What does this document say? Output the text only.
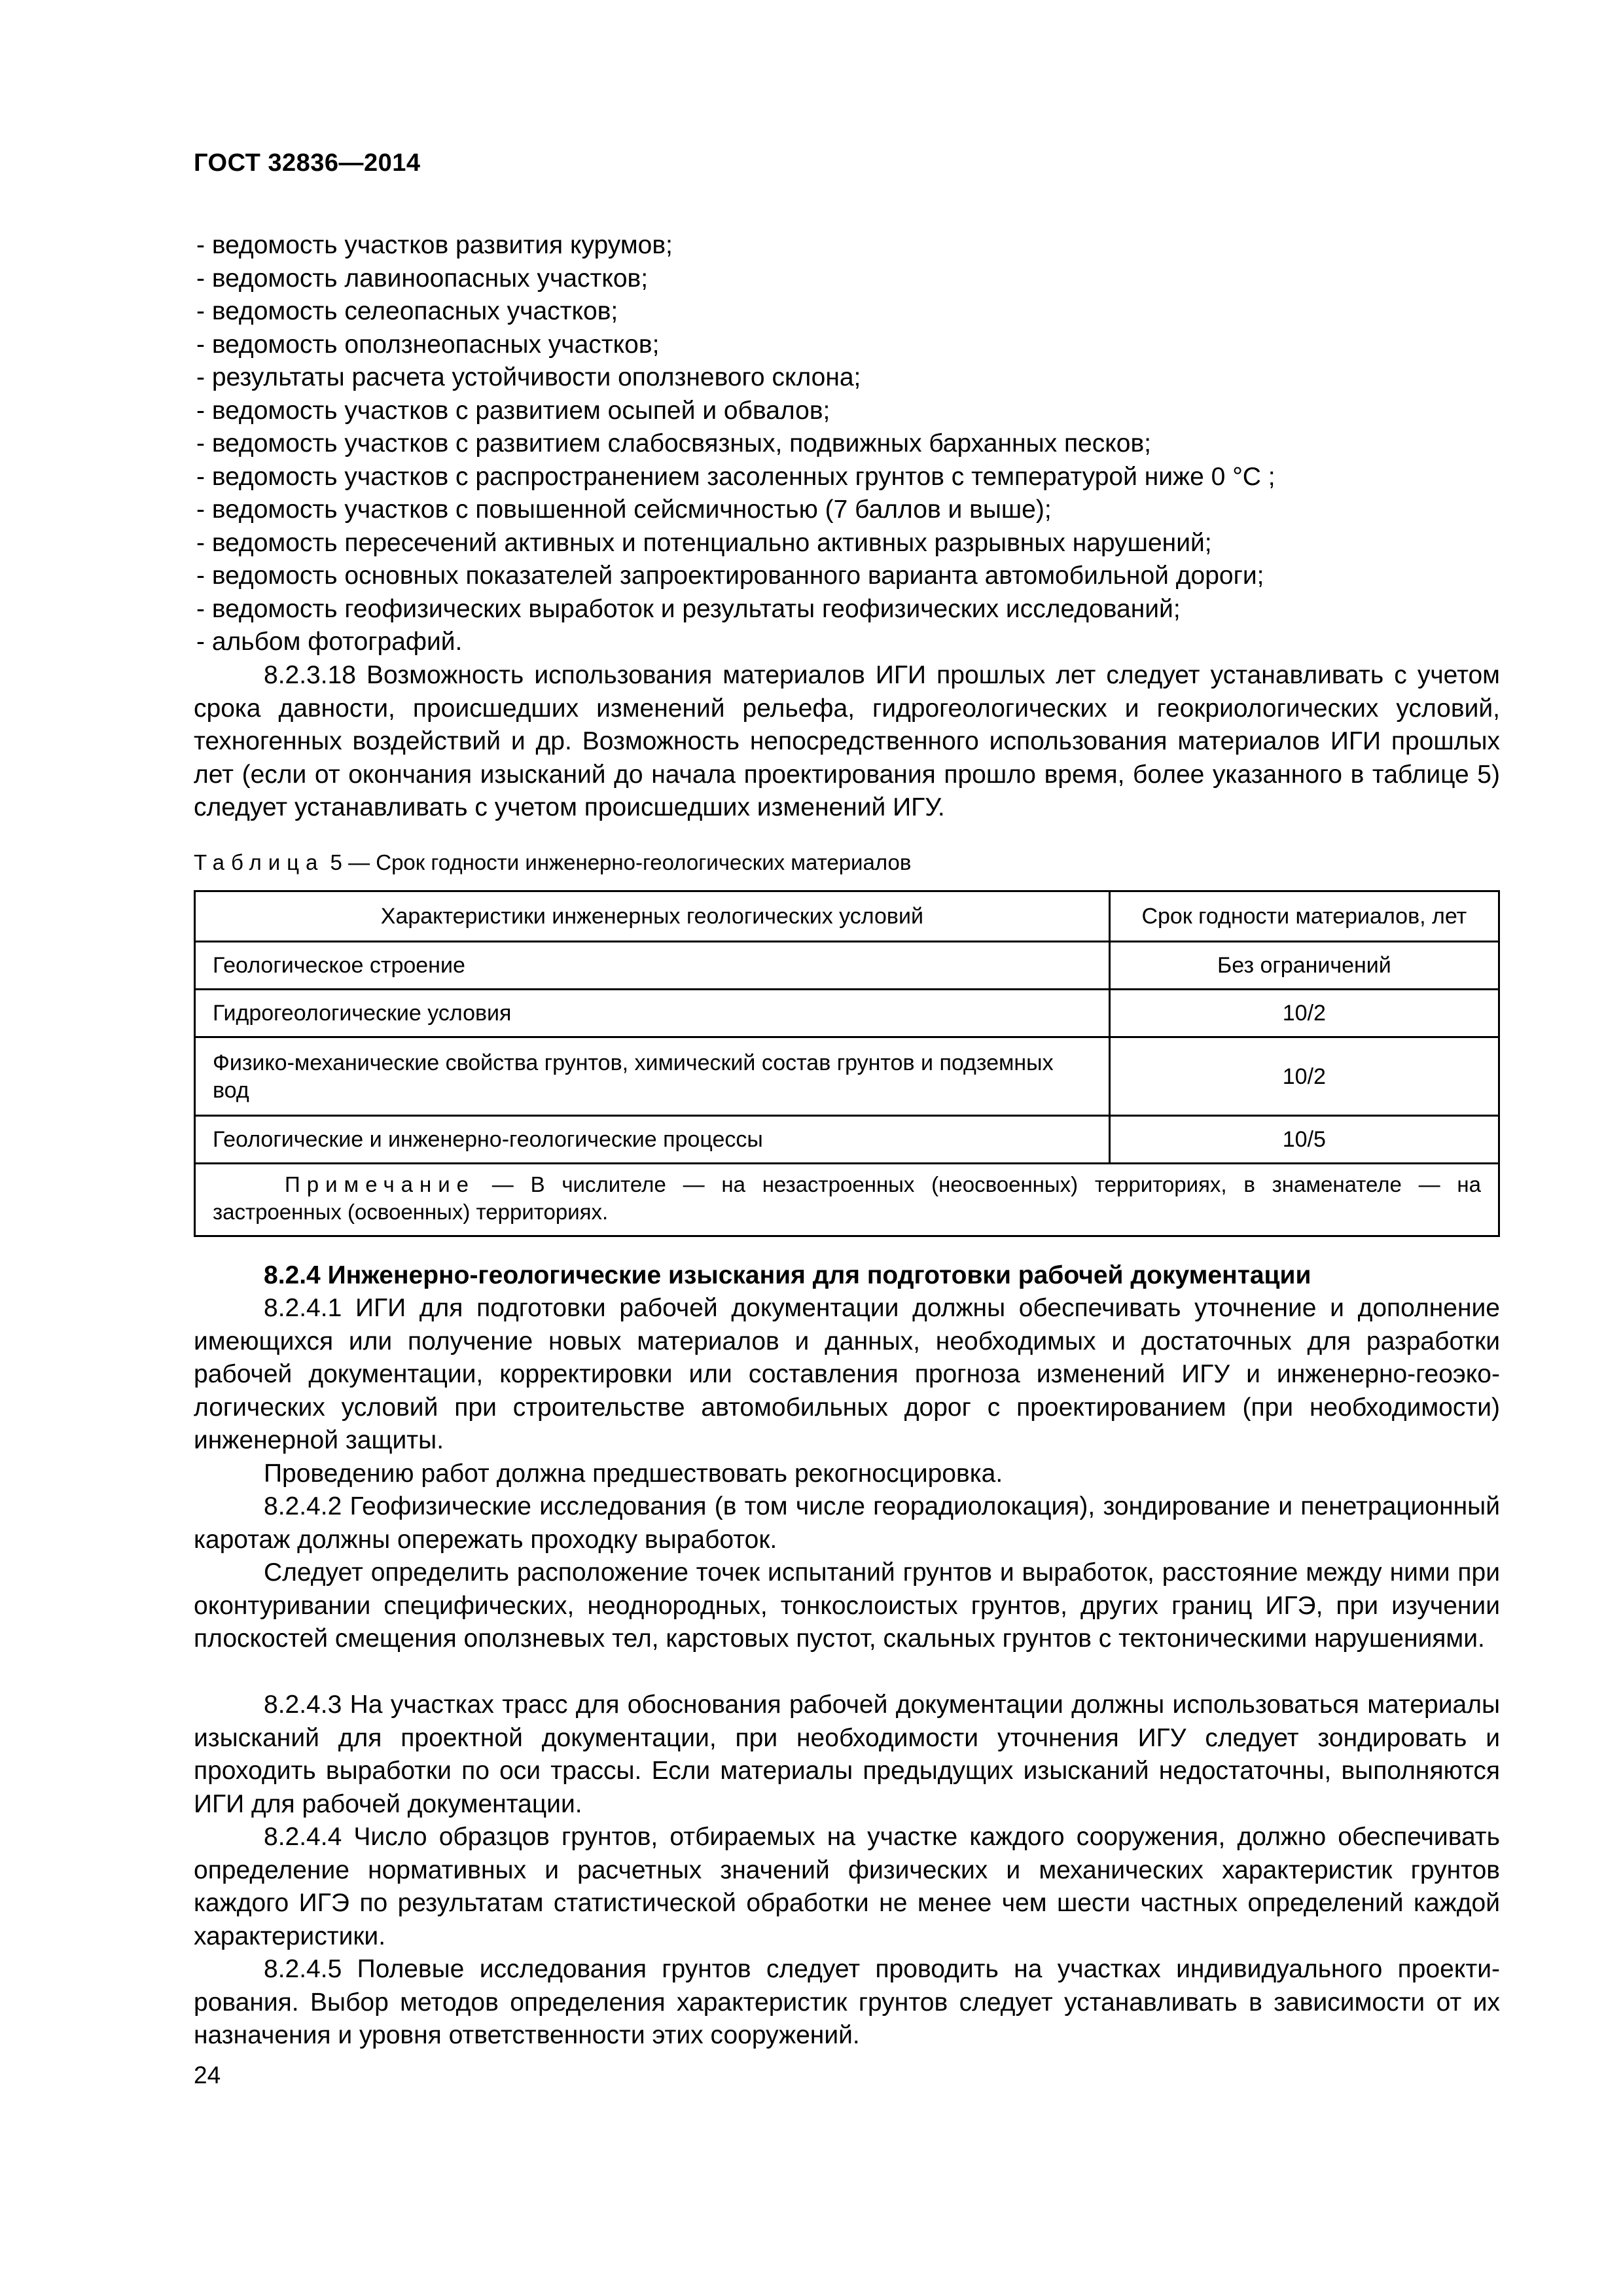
ГОСТ 32836—2014
- ведомость участков развития курумов;
- ведомость лавиноопасных участков;
- ведомость селеопасных участков;
- ведомость оползнеопасных участков;
- результаты расчета устойчивости оползневого склона;
- ведомость участков с развитием осыпей и обвалов;
- ведомость участков с развитием слабосвязных, подвижных барханных песков;
- ведомость участков с распространением засоленных грунтов с температурой ниже 0 °С ;
- ведомость участков с повышенной сейсмичностью (7 баллов и выше);
- ведомость пересечений активных и потенциально активных разрывных нарушений;
- ведомость основных показателей запроектированного варианта автомобильной дороги;
- ведомость геофизических выработок и результаты геофизических исследований;
- альбом фотографий.

8.2.3.18 Возможность использования материалов ИГИ прошлых лет следует устанавливать с учетом срока давности, происшедших изменений рельефа, гидрогеологических и геокриологических условий, техногенных воздействий и др. Возможность непосредственного использования материалов ИГИ прошлых лет (если от окончания изысканий до начала проектирования прошло время, более указанного в таблице 5) следует устанавливать с учетом происшедших изменений ИГУ.

Таблица 5 — Срок годности инженерно-геологических материалов
Характеристики инженерных геологических условий	Срок годности материалов, лет
Геологическое строение	Без ограничений
Гидрогеологические условия	10/2
Физико-механические свойства грунтов, химический состав грунтов и подземных вод	10/2
Геологические и инженерно-геологические процессы	10/5
Примечание — В числителе — на незастроенных (неосвоенных) территориях, в знаменателе — на застроенных (освоенных) территориях.	
8.2.4 Инженерно-геологические изыскания для подготовки рабочей документации

8.2.4.1 ИГИ для подготовки рабочей документации должны обеспечивать уточнение и дополнение имеющихся или получение новых материалов и данных, необходимых и достаточных для разработки рабочей документации, корректировки или составления прогноза изменений ИГУ и инженерно-геоэкологических условий при строительстве автомобильных дорог с проектированием (при необходимости) инженерной защиты.

Проведению работ должна предшествовать рекогносцировка.

8.2.4.2 Геофизические исследования (в том числе георадиолокация), зондирование и пенетрационный каротаж должны опережать проходку выработок.

Следует определить расположение точек испытаний грунтов и выработок, расстояние между ними при оконтуривании специфических, неоднородных, тонкослоистых грунтов, других границ ИГЭ, при изучении плоскостей смещения оползневых тел, карстовых пустот, скальных грунтов с тектоническими нарушениями.

8.2.4.3 На участках трасс для обоснования рабочей документации должны использоваться материалы изысканий для проектной документации, при необходимости уточнения ИГУ следует зондировать и проходить выработки по оси трассы. Если материалы предыдущих изысканий недостаточны, выполняются ИГИ для рабочей документации.

8.2.4.4 Число образцов грунтов, отбираемых на участке каждого сооружения, должно обеспечивать определение нормативных и расчетных значений физических и механических характеристик грунтов каждого ИГЭ по результатам статистической обработки не менее чем шести частных определений каждой характеристики.

8.2.4.5 Полевые исследования грунтов следует проводить на участках индивидуального проектирования. Выбор методов определения характеристик грунтов следует устанавливать в зависимости от их назначения и уровня ответственности этих сооружений.

24
